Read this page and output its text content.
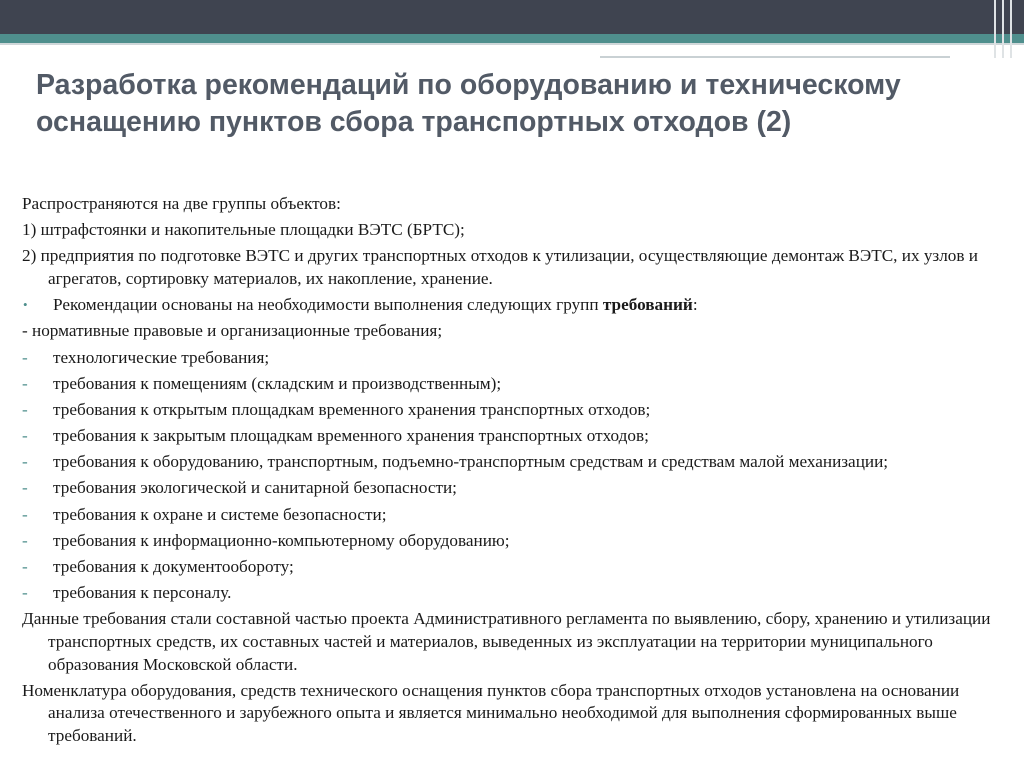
Разработка рекомендаций по оборудованию и техническому оснащению пунктов сбора транспортных отходов (2)

Распространяются на две группы объектов:

1) штрафстоянки и накопительные площадки ВЭТС (БРТС);

2) предприятия по подготовке ВЭТС и других транспортных отходов к утилизации, осуществляющие демонтаж ВЭТС, их узлов и агрегатов, сортировку материалов, их накопление, хранение.

• Рекомендации основаны на необходимости выполнения следующих групп требований:

- нормативные правовые и организационные требования;

- технологические требования;
- требования к помещениям (складским и производственным);
- требования к открытым площадкам временного хранения транспортных отходов;
- требования к закрытым площадкам временного хранения транспортных отходов;
- требования к оборудованию, транспортным, подъемно-транспортным средствам и средствам малой механизации;
- требования экологической и санитарной безопасности;
- требования к охране и системе безопасности;
- требования к информационно-компьютерному оборудованию;
- требования к документообороту;
- требования к персоналу.

Данные требования стали составной частью проекта Административного регламента по выявлению, сбору, хранению и утилизации транспортных средств, их составных частей и материалов, выведенных из эксплуатации на территории муниципального образования Московской области.

Номенклатура оборудования, средств технического оснащения пунктов сбора транспортных отходов установлена на основании анализа отечественного и зарубежного опыта и является минимально необходимой для выполнения сформированных выше требований.
